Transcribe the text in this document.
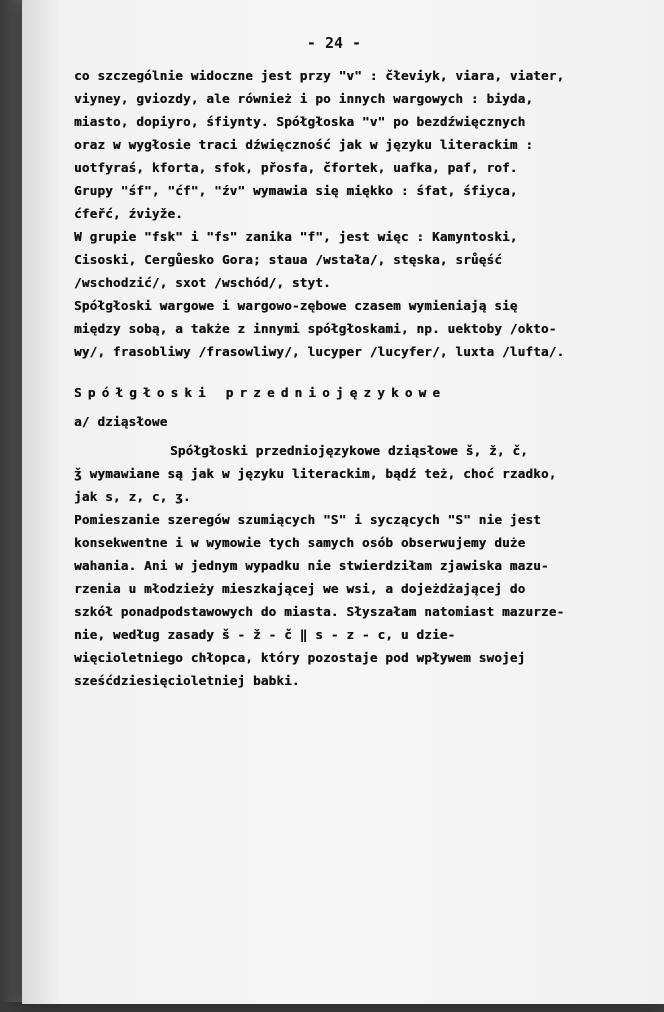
- 24 -
co szczególnie widoczne jest przy "v" : čłeviyk, viara, viater,
viyney, gviozdy, ale również i po innych wargowych : biyda,
miasto, dopiyro, śfiynty. Spółgłoska "v" po bezdźwięcznych
oraz w wygłosie traci dźwięczność jak w języku literackim :
uotfyraś, kforta, sfok, přosfa, čfortek, uafka, paf, rof.
Grupy "śf", "ćf", "źv" wymawia się miękko : śfat, śfiyca,
ćfeřć, źviyže.
W grupie "fsk" i "fs" zanika "f", jest więc : Kamyntoski,
Cisoski, Cergůesko Gora; staua /wstała/, stęska, srůęść
/wschodzić/, sxot /wschód/, styt.
Spółgłoski wargowe i wargowo-zębowe czasem wymieniają się
między sobą, a także z innymi spółgłoskami, np. uektoby /okto-
wy/, frasobliwy /frasowliwy/, lucyper /lucyfer/, luxta /lufta/.
Spółgłoski przedniojęzykowe
a/ dziąsłowe
Spółgłoski przedniojęzykowe dziąsłowe š, ž, č,
ǯ wymawiane są jak w języku literackim, bądź też, choć rzadko,
jak s, z, c, ʒ.
Pomieszanie szeregów szumiących "S" i syczących "S" nie jest
konsekwentne i w wymowie tych samych osób obserwujemy duże
wahania. Ani w jednym wypadku nie stwierdziłam zjawiska mazu-
rzenia u młodzieży mieszkającej we wsi, a dojeżdżającej do
szkół ponadpodstawowych do miasta. Słyszałam natomiast mazurze-
nie, według zasady š - ž - č ‖ s - z - c, u dzie-
więcioletniego chłopca, który pozostaje pod wpływem swojej
sześćdziesięcioletniej babki.
